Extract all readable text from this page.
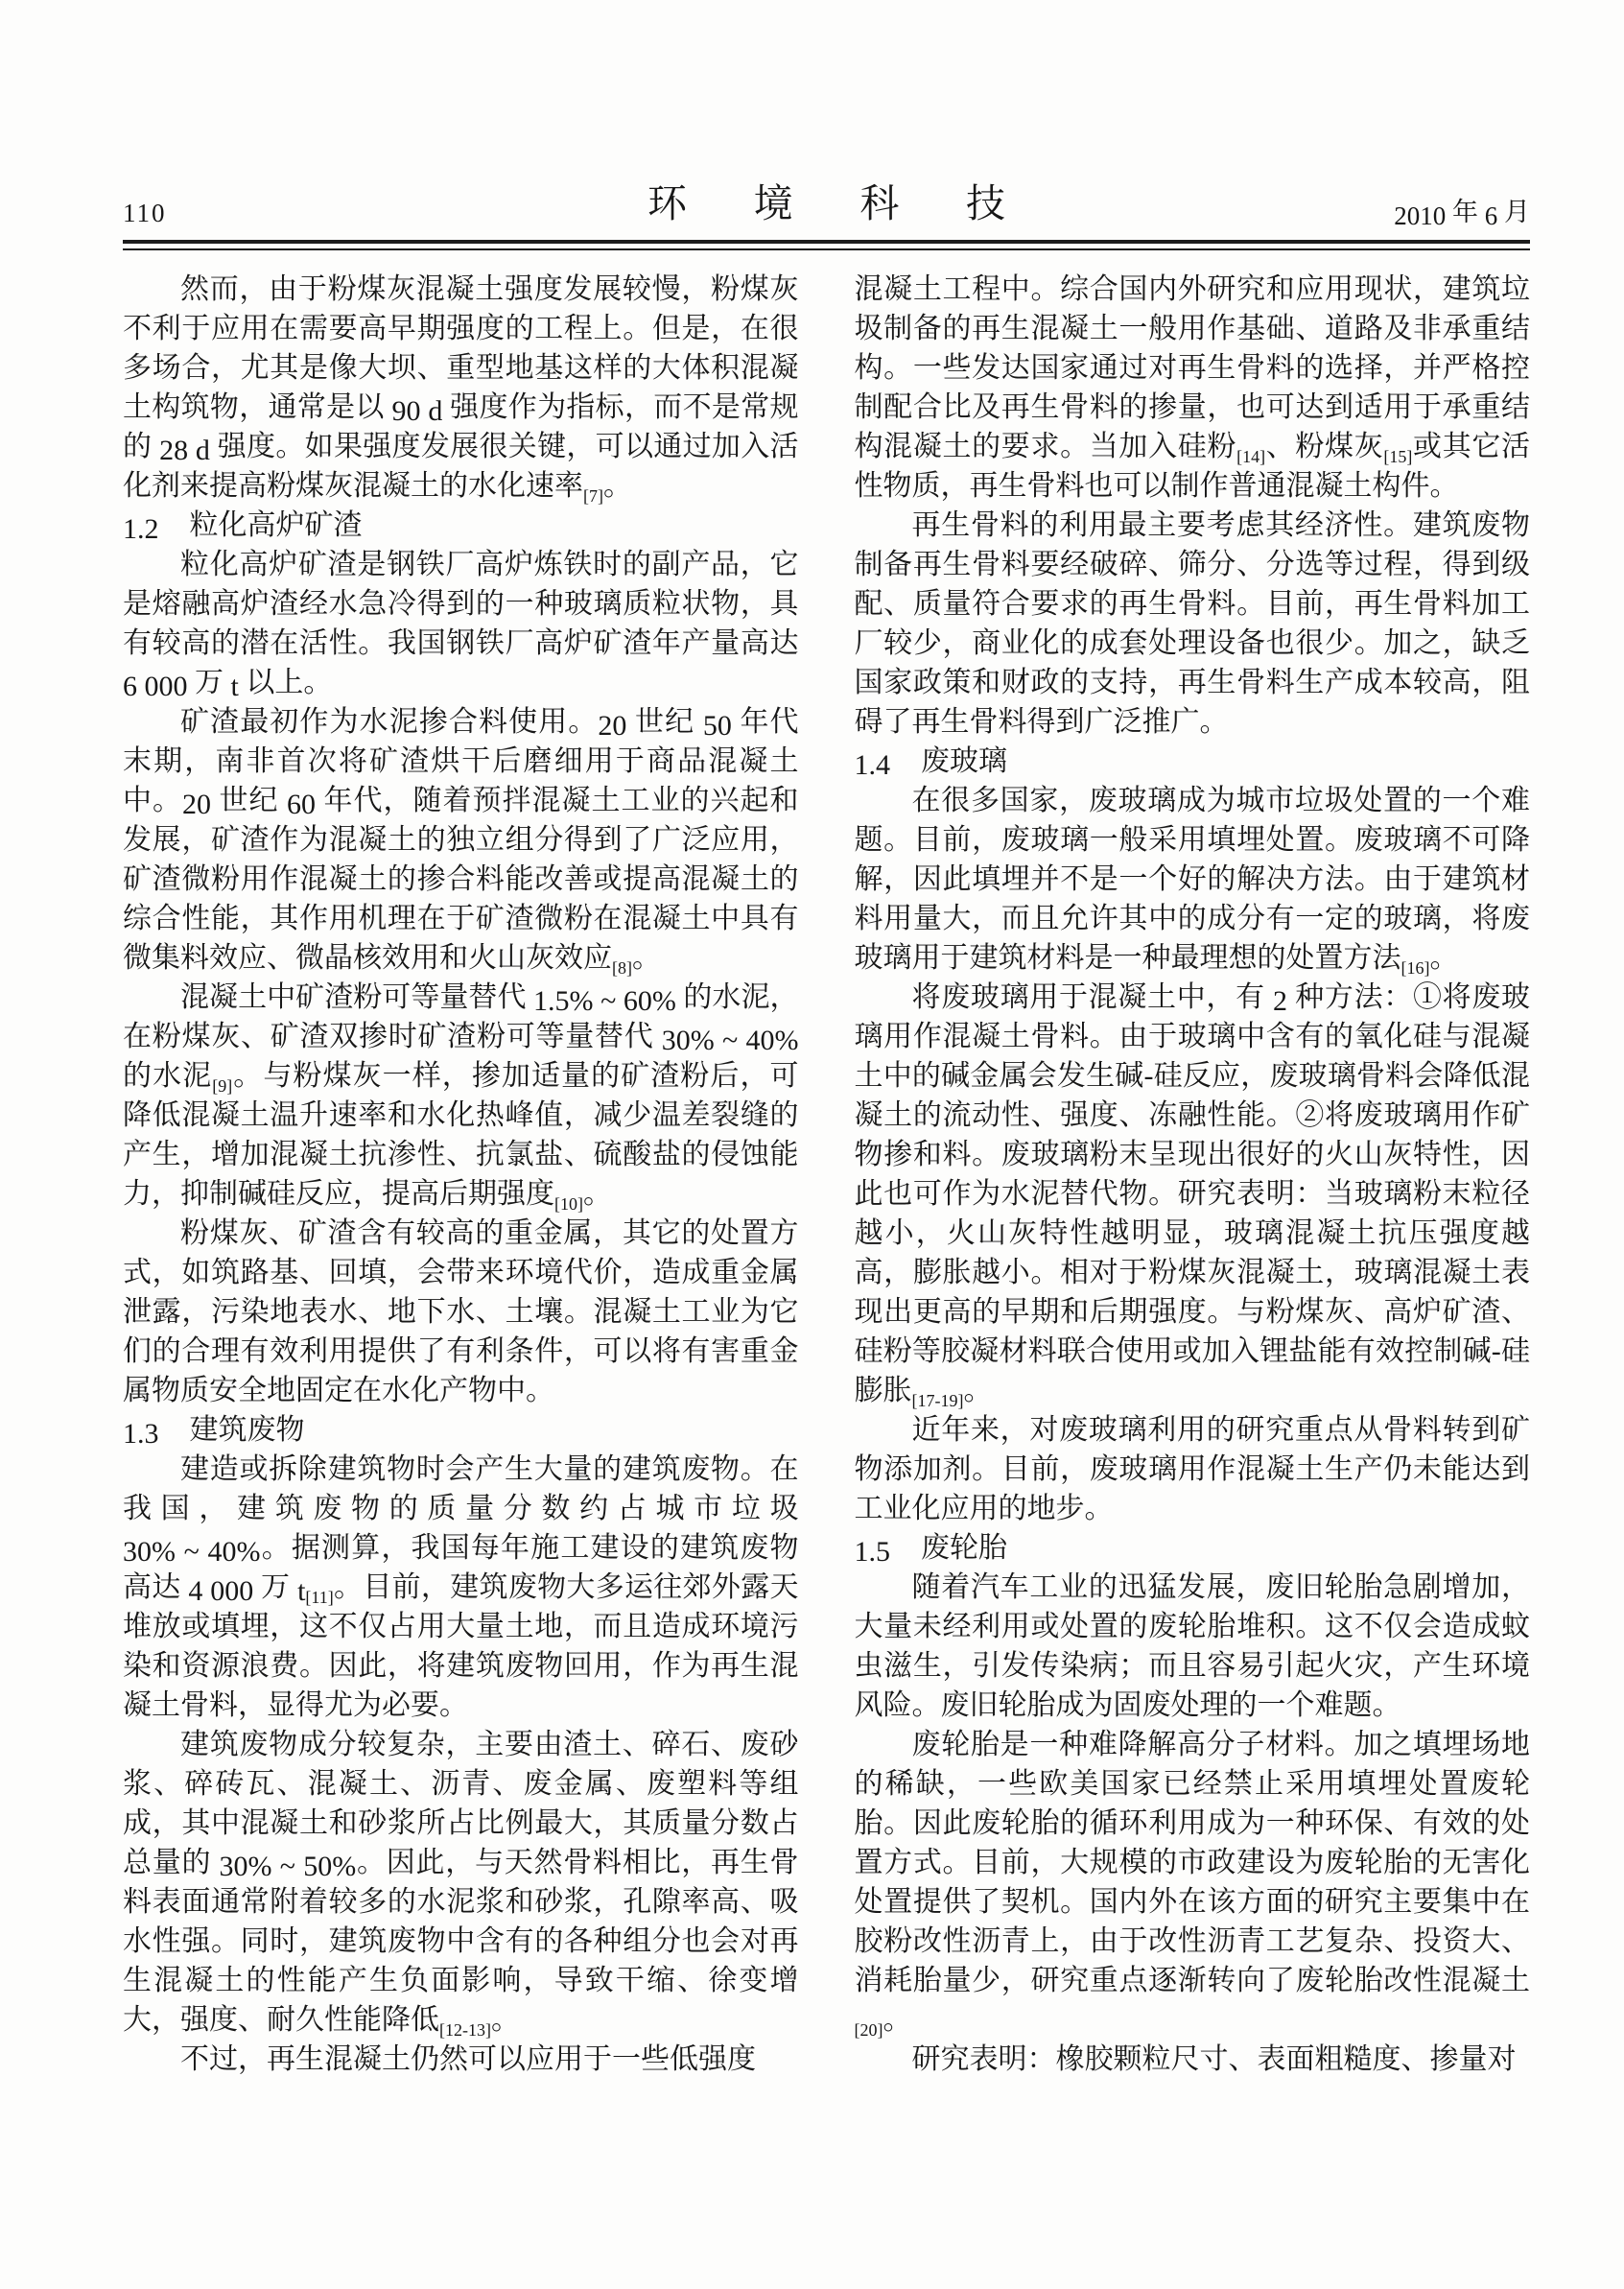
110	环境科技	2010 年 6 月

然而，由于粉煤灰混凝土强度发展较慢，粉煤灰不利于应用在需要高早期强度的工程上。但是，在很多场合，尤其是像大坝、重型地基这样的大体积混凝土构筑物，通常是以 90 d 强度作为指标，而不是常规的 28 d 强度。如果强度发展很关键，可以通过加入活化剂来提高粉煤灰混凝土的水化速率$_{[7]}$。

1.2 粒化高炉矿渣

粒化高炉矿渣是钢铁厂高炉炼铁时的副产品，它是熔融高炉渣经水急冷得到的一种玻璃质粒状物，具有较高的潜在活性。我国钢铁厂高炉矿渣年产量高达 6 000 万 t 以上。

矿渣最初作为水泥掺合料使用。20 世纪 50 年代末期，南非首次将矿渣烘干后磨细用于商品混凝土中。20 世纪 60 年代，随着预拌混凝土工业的兴起和发展，矿渣作为混凝土的独立组分得到了广泛应用，矿渣微粉用作混凝土的掺合料能改善或提高混凝土的综合性能，其作用机理在于矿渣微粉在混凝土中具有微集料效应、微晶核效用和火山灰效应$_{[8]}$。

混凝土中矿渣粉可等量替代 1.5% ~ 60% 的水泥，在粉煤灰、矿渣双掺时矿渣粉可等量替代 30% ~ 40% 的水泥$_{[9]}$。与粉煤灰一样，掺加适量的矿渣粉后，可降低混凝土温升速率和水化热峰值，减少温差裂缝的产生，增加混凝土抗渗性、抗氯盐、硫酸盐的侵蚀能力，抑制碱硅反应，提高后期强度$_{[10]}$。

粉煤灰、矿渣含有较高的重金属，其它的处置方式，如筑路基、回填，会带来环境代价，造成重金属泄露，污染地表水、地下水、土壤。混凝土工业为它们的合理有效利用提供了有利条件，可以将有害重金属物质安全地固定在水化产物中。

1.3 建筑废物

建造或拆除建筑物时会产生大量的建筑废物。在我国，建筑废物的质量分数约占城市垃圾 30% ~ 40%。据测算，我国每年施工建设的建筑废物高达 4 000 万 $t_{[11]}$。目前，建筑废物大多运往郊外露天堆放或填埋，这不仅占用大量土地，而且造成环境污染和资源浪费。因此，将建筑废物回用，作为再生混凝土骨料，显得尤为必要。

建筑废物成分较复杂，主要由渣土、碎石、废砂浆、碎砖瓦、混凝土、沥青、废金属、废塑料等组成，其中混凝土和砂浆所占比例最大，其质量分数占总量的 30% ~ 50%。因此，与天然骨料相比，再生骨料表面通常附着较多的水泥浆和砂浆，孔隙率高、吸水性强。同时，建筑废物中含有的各种组分也会对再生混凝土的性能产生负面影响，导致干缩、徐变增大，强度、耐久性能降低$_{[12-13]}$。

不过，再生混凝土仍然可以应用于一些低强度

混凝土工程中。综合国内外研究和应用现状，建筑垃圾制备的再生混凝土一般用作基础、道路及非承重结构。一些发达国家通过对再生骨料的选择，并严格控制配合比及再生骨料的掺量，也可达到适用于承重结构混凝土的要求。当加入硅粉$_{[14]}$、粉煤灰$_{[15]}$或其它活性物质，再生骨料也可以制作普通混凝土构件。

再生骨料的利用最主要考虑其经济性。建筑废物制备再生骨料要经破碎、筛分、分选等过程，得到级配、质量符合要求的再生骨料。目前，再生骨料加工厂较少，商业化的成套处理设备也很少。加之，缺乏国家政策和财政的支持，再生骨料生产成本较高，阻碍了再生骨料得到广泛推广。

1.4 废玻璃

在很多国家，废玻璃成为城市垃圾处置的一个难题。目前，废玻璃一般采用填埋处置。废玻璃不可降解，因此填埋并不是一个好的解决方法。由于建筑材料用量大，而且允许其中的成分有一定的玻璃，将废玻璃用于建筑材料是一种最理想的处置方法$_{[16]}$。

将废玻璃用于混凝土中，有 2 种方法：①将废玻璃用作混凝土骨料。由于玻璃中含有的氧化硅与混凝土中的碱金属会发生碱-硅反应，废玻璃骨料会降低混凝土的流动性、强度、冻融性能。②将废玻璃用作矿物掺和料。废玻璃粉末呈现出很好的火山灰特性，因此也可作为水泥替代物。研究表明：当玻璃粉末粒径越小，火山灰特性越明显，玻璃混凝土抗压强度越高，膨胀越小。相对于粉煤灰混凝土，玻璃混凝土表现出更高的早期和后期强度。与粉煤灰、高炉矿渣、硅粉等胶凝材料联合使用或加入锂盐能有效控制碱-硅膨胀$_{[17-19]}$。

近年来，对废玻璃利用的研究重点从骨料转到矿物添加剂。目前，废玻璃用作混凝土生产仍未能达到工业化应用的地步。

1.5 废轮胎

随着汽车工业的迅猛发展，废旧轮胎急剧增加，大量未经利用或处置的废轮胎堆积。这不仅会造成蚊虫滋生，引发传染病；而且容易引起火灾，产生环境风险。废旧轮胎成为固废处理的一个难题。

废轮胎是一种难降解高分子材料。加之填埋场地的稀缺，一些欧美国家已经禁止采用填埋处置废轮胎。因此废轮胎的循环利用成为一种环保、有效的处置方式。目前，大规模的市政建设为废轮胎的无害化处置提供了契机。国内外在该方面的研究主要集中在胶粉改性沥青上，由于改性沥青工艺复杂、投资大、消耗胎量少，研究重点逐渐转向了废轮胎改性混凝土$_{[20]}$。

研究表明：橡胶颗粒尺寸、表面粗糙度、掺量对
